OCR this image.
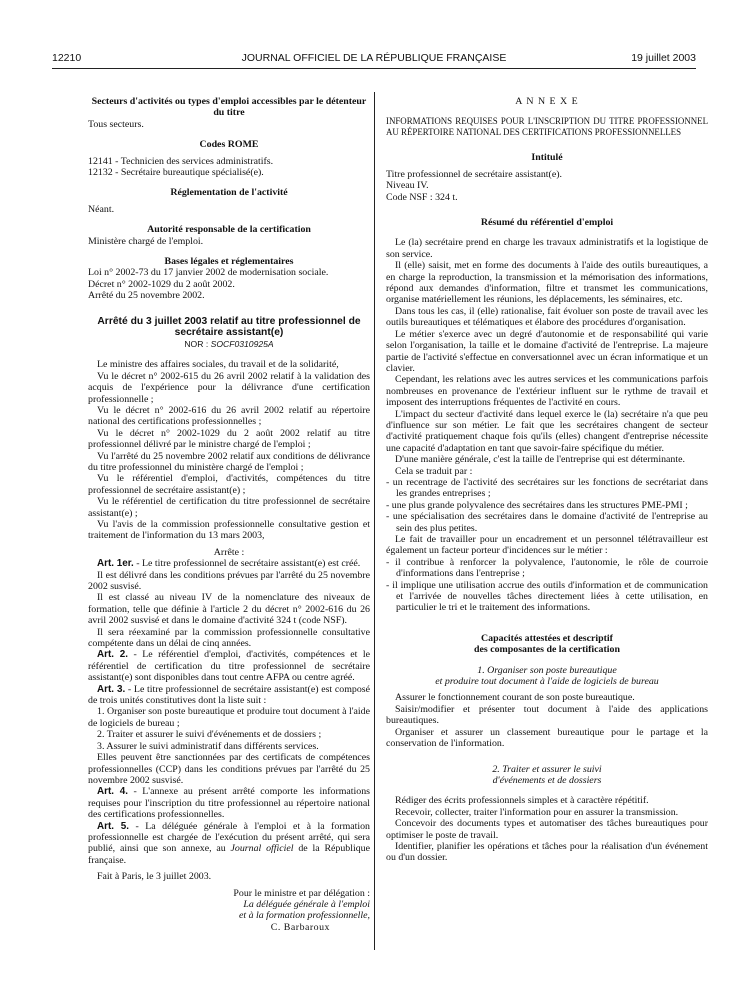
12210	JOURNAL OFFICIEL DE LA RÉPUBLIQUE FRANÇAISE	19 juillet 2003

Secteurs d'activités ou types d'emploi accessibles par le détenteur du titre

Tous secteurs.

Codes ROME

12141 - Technicien des services administratifs.

12132 - Secrétaire bureautique spécialisé(e).

Réglementation de l'activité

Néant.

Autorité responsable de la certification

Ministère chargé de l'emploi.

Bases légales et réglementaires

Loi n° 2002-73 du 17 janvier 2002 de modernisation sociale.

Décret n° 2002-1029 du 2 août 2002.

Arrêté du 25 novembre 2002.

Arrêté du 3 juillet 2003 relatif au titre professionnel de secrétaire assistant(e)

NOR : SOCF0310925A

Le ministre des affaires sociales, du travail et de la solidarité,

Vu le décret n° 2002-615 du 26 avril 2002 relatif à la validation des acquis de l'expérience pour la délivrance d'une certification professionnelle ;

Vu le décret n° 2002-616 du 26 avril 2002 relatif au répertoire national des certifications professionnelles ;

Vu le décret n° 2002-1029 du 2 août 2002 relatif au titre professionnel délivré par le ministre chargé de l'emploi ;

Vu l'arrêté du 25 novembre 2002 relatif aux conditions de délivrance du titre professionnel du ministère chargé de l'emploi ;

Vu le référentiel d'emploi, d'activités, compétences du titre professionnel de secrétaire assistant(e) ;

Vu le référentiel de certification du titre professionnel de secrétaire assistant(e) ;

Vu l'avis de la commission professionnelle consultative gestion et traitement de l'information du 13 mars 2003,

Arrête :

Art. 1er. - Le titre professionnel de secrétaire assistant(e) est créé.

Il est délivré dans les conditions prévues par l'arrêté du 25 novembre 2002 susvisé.

Il est classé au niveau IV de la nomenclature des niveaux de formation, telle que définie à l'article 2 du décret n° 2002-616 du 26 avril 2002 susvisé et dans le domaine d'activité 324 t (code NSF).

Il sera réexaminé par la commission professionnelle consultative compétente dans un délai de cinq années.

Art. 2. - Le référentiel d'emploi, d'activités, compétences et le référentiel de certification du titre professionnel de secrétaire assistant(e) sont disponibles dans tout centre AFPA ou centre agréé.

Art. 3. - Le titre professionnel de secrétaire assistant(e) est composé de trois unités constitutives dont la liste suit :

1. Organiser son poste bureautique et produire tout document à l'aide de logiciels de bureau ;

2. Traiter et assurer le suivi d'événements et de dossiers ;

3. Assurer le suivi administratif dans différents services.

Elles peuvent être sanctionnées par des certificats de compétences professionnelles (CCP) dans les conditions prévues par l'arrêté du 25 novembre 2002 susvisé.

Art. 4. - L'annexe au présent arrêté comporte les informations requises pour l'inscription du titre professionnel au répertoire national des certifications professionnelles.

Art. 5. - La déléguée générale à l'emploi et à la formation professionnelle est chargée de l'exécution du présent arrêté, qui sera publié, ainsi que son annexe, au Journal officiel de la République française.

Fait à Paris, le 3 juillet 2003.

Pour le ministre et par délégation :

La déléguée générale à l'emploi

et à la formation professionnelle,

C. Barbaroux

A N N E X E

INFORMATIONS REQUISES POUR L'INSCRIPTION DU TITRE PROFESSIONNEL AU RÉPERTOIRE NATIONAL DES CERTIFICATIONS PROFESSIONNELLES

Intitulé

Titre professionnel de secrétaire assistant(e).

Niveau IV.

Code NSF : 324 t.

Résumé du référentiel d'emploi

Le (la) secrétaire prend en charge les travaux administratifs et la logistique de son service.

Il (elle) saisit, met en forme des documents à l'aide des outils bureautiques, a en charge la reproduction, la transmission et la mémorisation des informations, répond aux demandes d'information, filtre et transmet les communications, organise matériellement les réunions, les déplacements, les séminaires, etc.

Dans tous les cas, il (elle) rationalise, fait évoluer son poste de travail avec les outils bureautiques et télématiques et élabore des procédures d'organisation.

Le métier s'exerce avec un degré d'autonomie et de responsabilité qui varie selon l'organisation, la taille et le domaine d'activité de l'entreprise. La majeure partie de l'activité s'effectue en conversationnel avec un écran informatique et un clavier.

Cependant, les relations avec les autres services et les communications parfois nombreuses en provenance de l'extérieur influent sur le rythme de travail et imposent des interruptions fréquentes de l'activité en cours.

L'impact du secteur d'activité dans lequel exerce le (la) secrétaire n'a que peu d'influence sur son métier. Le fait que les secrétaires changent de secteur d'activité pratiquement chaque fois qu'ils (elles) changent d'entreprise nécessite une capacité d'adaptation en tant que savoir-faire spécifique du métier.

D'une manière générale, c'est la taille de l'entreprise qui est déterminante.

Cela se traduit par :

- un recentrage de l'activité des secrétaires sur les fonctions de secrétariat dans les grandes entreprises ;

- une plus grande polyvalence des secrétaires dans les structures PME-PMI ;

- une spécialisation des secrétaires dans le domaine d'activité de l'entreprise au sein des plus petites.

Le fait de travailler pour un encadrement et un personnel télétravailleur est également un facteur porteur d'incidences sur le métier :

- il contribue à renforcer la polyvalence, l'autonomie, le rôle de courroie d'informations dans l'entreprise ;

- il implique une utilisation accrue des outils d'information et de communication et l'arrivée de nouvelles tâches directement liées à cette utilisation, en particulier le tri et le traitement des informations.

Capacités attestées et descriptif

des composantes de la certification

1. Organiser son poste bureautique

et produire tout document à l'aide de logiciels de bureau

Assurer le fonctionnement courant de son poste bureautique.

Saisir/modifier et présenter tout document à l'aide des applications bureautiques.

Organiser et assurer un classement bureautique pour le partage et la conservation de l'information.

2. Traiter et assurer le suivi

d'événements et de dossiers

Rédiger des écrits professionnels simples et à caractère répétitif.

Recevoir, collecter, traiter l'information pour en assurer la transmission.

Concevoir des documents types et automatiser des tâches bureautiques pour optimiser le poste de travail.

Identifier, planifier les opérations et tâches pour la réalisation d'un événement ou d'un dossier.
